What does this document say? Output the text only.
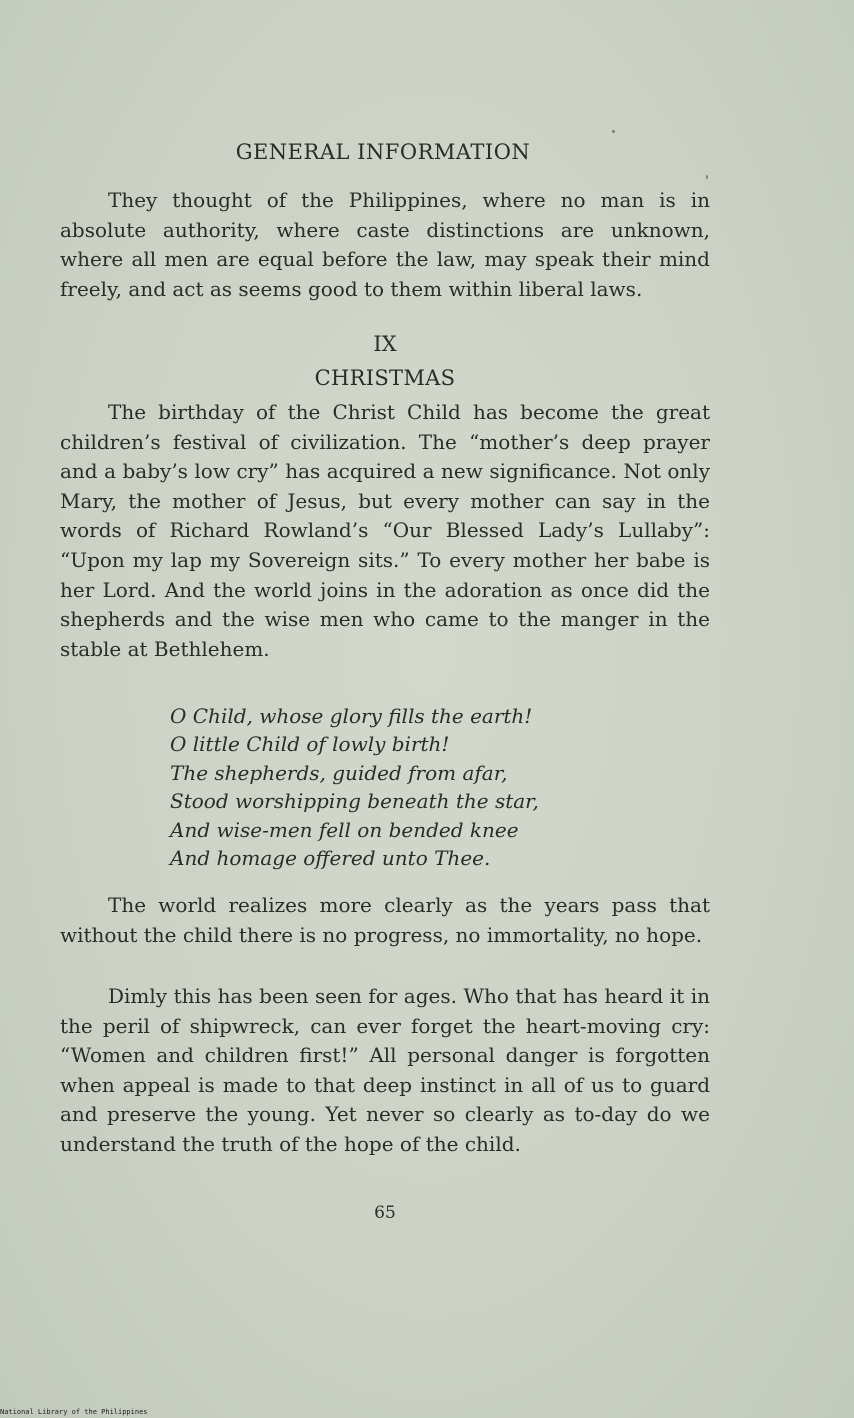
GENERAL INFORMATION

They thought of the Philippines, where no man is in absolute authority, where caste distinctions are unknown, where all men are equal before the law, may speak their mind freely, and act as seems good to them within liberal laws.

IX
CHRISTMAS

The birthday of the Christ Child has become the great children’s festival of civilization. The “mother’s deep prayer and a baby’s low cry” has acquired a new significance. Not only Mary, the mother of Jesus, but every mother can say in the words of Richard Rowland’s “Our Blessed Lady’s Lullaby”: “Upon my lap my Sovereign sits.” To every mother her babe is her Lord. And the world joins in the adoration as once did the shepherds and the wise men who came to the manger in the stable at Bethlehem.

O Child, whose glory fills the earth!
O little Child of lowly birth!
The shepherds, guided from afar,
Stood worshipping beneath the star,
And wise-men fell on bended knee
And homage offered unto Thee.

The world realizes more clearly as the years pass that without the child there is no progress, no immortality, no hope.

Dimly this has been seen for ages. Who that has heard it in the peril of shipwreck, can ever forget the heart-moving cry: “Women and children first!” All personal danger is forgotten when appeal is made to that deep instinct in all of us to guard and preserve the young. Yet never so clearly as to-day do we understand the truth of the hope of the child.

65
National Library of the Philippines
